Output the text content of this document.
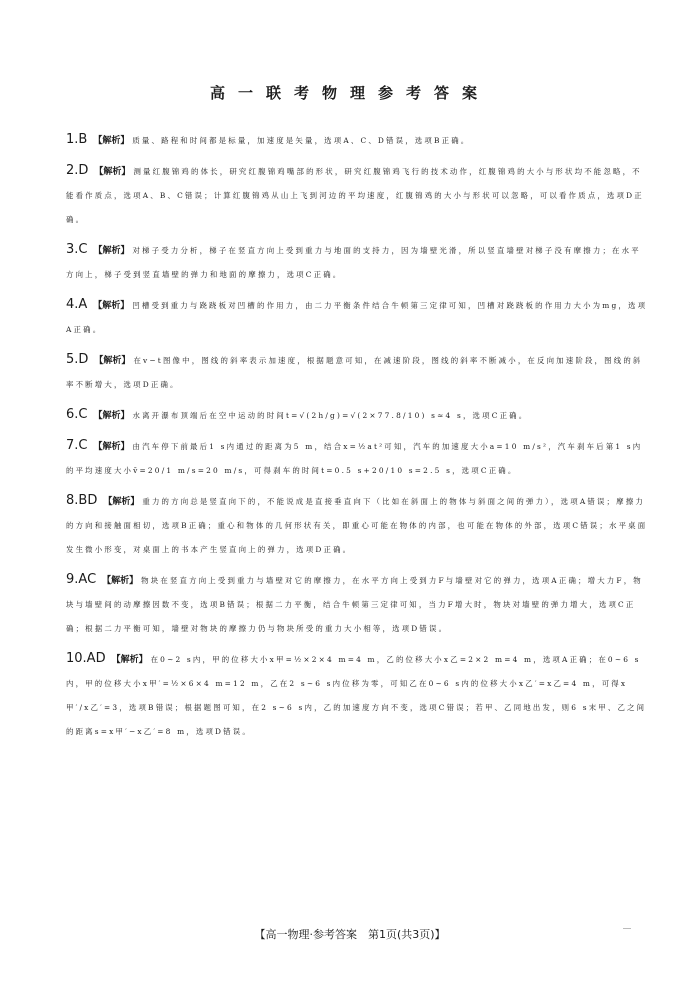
高一联考物理参考答案
1.B 【解析】 质量、路程和时间都是标量，加速度是矢量，选项A、C、D错误，选项B正确。
2.D 【解析】 测量红腹锦鸡的体长，研究红腹锦鸡嘴部的形状，研究红腹锦鸡飞行的技术动作，红腹锦鸡的大小与形状均不能忽略，不能看作质点，选项A、B、C错误；计算红腹锦鸡从山上飞到河边的平均速度，红腹锦鸡的大小与形状可以忽略，可以看作质点，选项D正确。
3.C 【解析】 对梯子受力分析，梯子在竖直方向上受到重力与地面的支持力，因为墙壁光滑，所以竖直墙壁对梯子没有摩擦力；在水平方向上，梯子受到竖直墙壁的弹力和地面的摩擦力，选项C正确。
4.A 【解析】 凹槽受到重力与跷跷板对凹槽的作用力，由二力平衡条件结合牛顿第三定律可知，凹槽对跷跷板的作用力大小为mg，选项A正确。
5.D 【解析】 在v−t图像中，图线的斜率表示加速度，根据题意可知，在减速阶段，图线的斜率不断减小，在反向加速阶段，图线的斜率不断增大，选项D正确。
6.C 【解析】 水离开瀑布顶端后在空中运动的时间t=√(2h/g)=√(2×77.8/10) s≈4 s，选项C正确。
7.C 【解析】 由汽车停下前最后1 s内通过的距离为5 m，结合x=½at²可知，汽车的加速度大小a=10 m/s²，汽车刹车后第1 s内的平均速度大小v̄=20/1 m/s=20 m/s，可得刹车的时间t=0.5 s+20/10 s=2.5 s，选项C正确。
8.BD 【解析】 重力的方向总是竖直向下的，不能说成是直接垂直向下（比如在斜面上的物体与斜面之间的弹力），选项A错误；摩擦力的方向和接触面相切，选项B正确；重心和物体的几何形状有关，即重心可能在物体的内部，也可能在物体的外部，选项C错误；水平桌面发生微小形变，对桌面上的书本产生竖直向上的弹力，选项D正确。
9.AC 【解析】 物块在竖直方向上受到重力与墙壁对它的摩擦力，在水平方向上受到力F与墙壁对它的弹力，选项A正确；增大力F，物块与墙壁间的动摩擦因数不变，选项B错误；根据二力平衡，结合牛顿第三定律可知，当力F增大时，物块对墙壁的弹力增大，选项C正确；根据二力平衡可知，墙壁对物块的摩擦力仍与物块所受的重力大小相等，选项D错误。
10.AD 【解析】 在0~2 s内，甲的位移大小x甲=½×2×4 m=4 m，乙的位移大小x乙=2×2 m=4 m，选项A正确；在0~6 s内，甲的位移大小x甲′=½×6×4 m=12 m，乙在2 s~6 s内位移为零，可知乙在0~6 s内的位移大小x乙′=x乙=4 m，可得x甲′/x乙′=3，选项B错误；根据题图可知，在2 s~6 s内，乙的加速度方向不变，选项C错误；若甲、乙同地出发，则6 s末甲、乙之间的距离s=x甲′−x乙′=8 m，选项D错误。
【高一物理·参考答案　第1页(共3页)】
